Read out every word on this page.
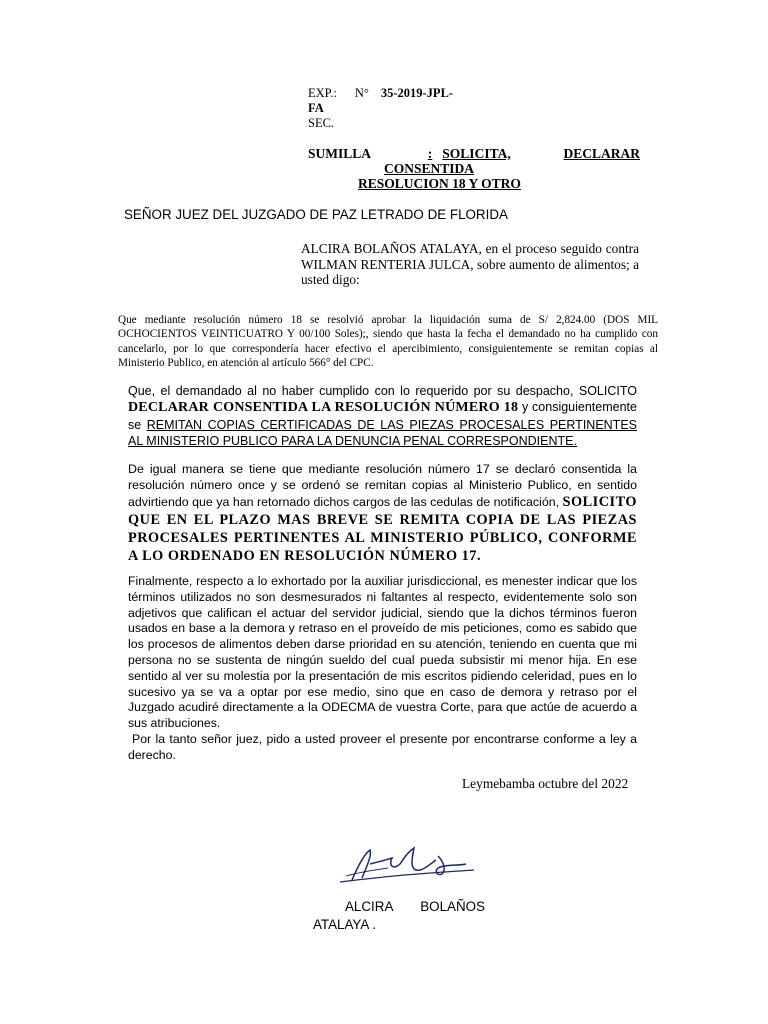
EXP.: N° 35-2019-JPL-
FA
SEC.
SUMILLA	: SOLICITA,	DECLARAR
CONSENTIDA
RESOLUCION 18 Y OTRO
SEÑOR JUEZ DEL JUZGADO DE PAZ LETRADO DE FLORIDA
ALCIRA BOLAÑOS ATALAYA, en el proceso seguido contra WILMAN RENTERIA JULCA, sobre aumento de alimentos; a usted digo:
Que mediante resolución número 18 se resolvió aprobar la liquidación suma de S/ 2,824.00 (DOS MIL OCHOCIENTOS VEINTICUATRO Y 00/100 Soles);, siendo que hasta la fecha el demandado no ha cumplido con cancelarlo, por lo que correspondería hacer efectivo el apercibimiento, consiguientemente se remitan copias al Ministerio Publico, en atención al artículo 566° del CPC.
Que, el demandado al no haber cumplido con lo requerido por su despacho, SOLICITO DECLARAR CONSENTIDA LA RESOLUCIÓN NÚMERO 18 y consiguientemente se REMITAN COPIAS CERTIFICADAS DE LAS PIEZAS PROCESALES PERTINENTES AL MINISTERIO PUBLICO PARA LA DENUNCIA PENAL CORRESPONDIENTE.
De igual manera se tiene que mediante resolución número 17 se declaró consentida la resolución número once y se ordenó se remitan copias al Ministerio Publico, en sentido advirtiendo que ya han retornado dichos cargos de las cedulas de notificación, SOLICITO QUE EN EL PLAZO MAS BREVE SE REMITA COPIA DE LAS PIEZAS PROCESALES PERTINENTES AL MINISTERIO PÚBLICO, CONFORME A LO ORDENADO EN RESOLUCIÓN NÚMERO 17.
Finalmente, respecto a lo exhortado por la auxiliar jurisdiccional, es menester indicar que los términos utilizados no son desmesurados ni faltantes al respecto, evidentemente solo son adjetivos que califican el actuar del servidor judicial, siendo que la dichos términos fueron usados en base a la demora y retraso en el proveído de mis peticiones, como es sabido que los procesos de alimentos deben darse prioridad en su atención, teniendo en cuenta que mi persona no se sustenta de ningún sueldo del cual pueda subsistir mi menor hija. En ese sentido al ver su molestia por la presentación de mis escritos pidiendo celeridad, pues en lo sucesivo ya se va a optar por ese medio, sino que en caso de demora y retraso por el Juzgado acudiré directamente a la ODECMA de vuestra Corte, para que actúe de acuerdo a sus atribuciones.
Por la tanto señor juez, pido a usted proveer el presente por encontrarse conforme a ley a derecho.
Leymebamba octubre del 2022
ALCIRA BOLAÑOS
ATALAYA .
